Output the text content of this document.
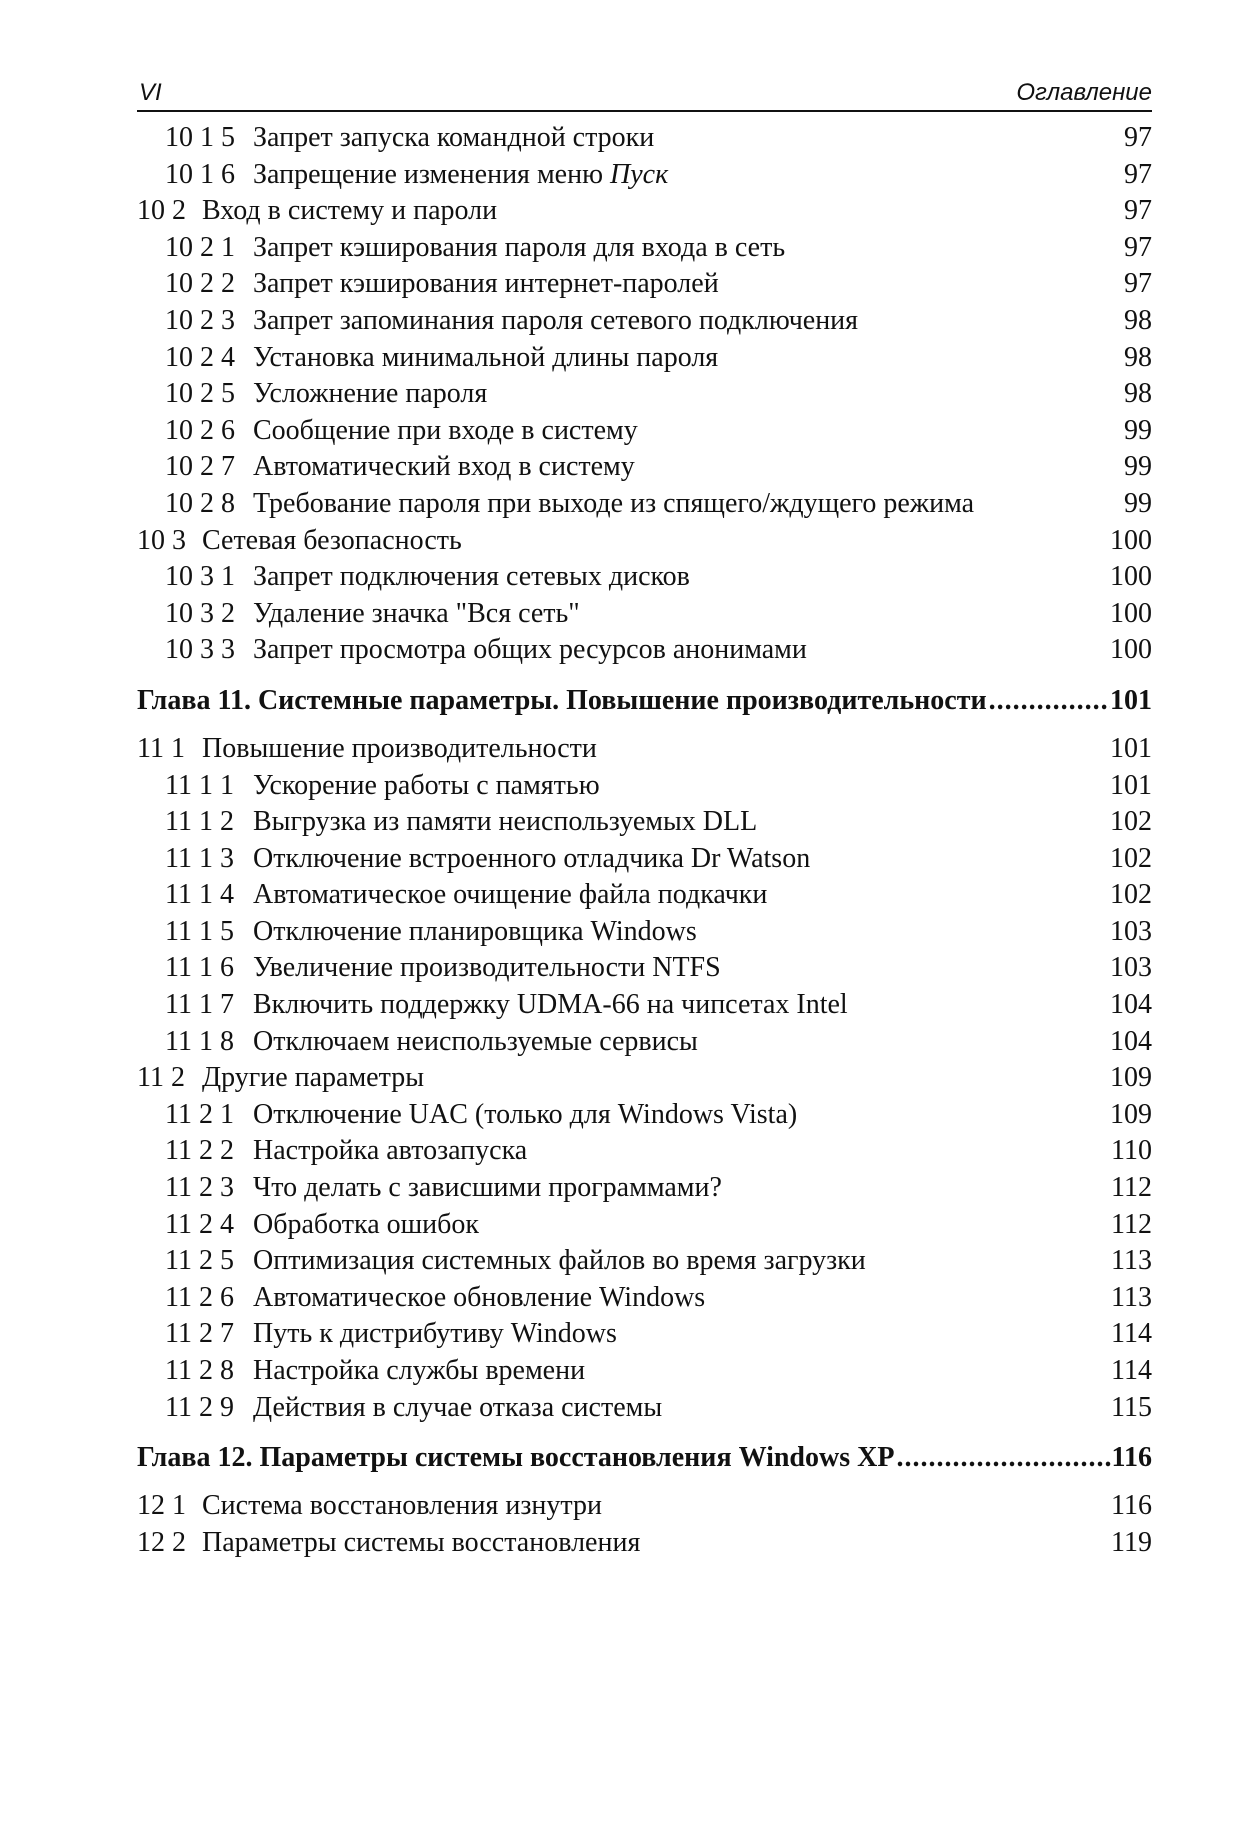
VI	Оглавление
10 1 5 Запрет запуска командной строки	97
10 1 6 Запрещение изменения меню Пуск	97
10 2 Вход в систему и пароли	97
10 2 1 Запрет кэширования пароля для входа в сеть	97
10 2 2 Запрет кэширования интернет-паролей	97
10 2 3 Запрет запоминания пароля сетевого подключения	98
10 2 4 Установка минимальной длины пароля	98
10 2 5 Усложнение пароля	98
10 2 6 Сообщение при входе в систему	99
10 2 7 Автоматический вход в систему	99
10 2 8 Требование пароля при выходе из спящего/ждущего режима	99
10 3 Сетевая безопасность	100
10 3 1 Запрет подключения сетевых дисков	100
10 3 2 Удаление значка "Вся сеть"	100
10 3 3 Запрет просмотра общих ресурсов анонимами	100
Глава 11. Системные параметры. Повышение производительности .....	101
11 1 Повышение производительности	101
11 1 1 Ускорение работы с памятью	101
11 1 2 Выгрузка из памяти неиспользуемых DLL	102
11 1 3 Отключение встроенного отладчика Dr Watson	102
11 1 4 Автоматическое очищение файла подкачки	102
11 1 5 Отключение планировщика Windows	103
11 1 6 Увеличение производительности NTFS	103
11 1 7 Включить поддержку UDMA-66 на чипсетах Intel	104
11 1 8 Отключаем неиспользуемые сервисы	104
11 2 Другие параметры	109
11 2 1 Отключение UAC (только для Windows Vista)	109
11 2 2 Настройка автозапуска	110
11 2 3 Что делать с зависшими программами?	112
11 2 4 Обработка ошибок	112
11 2 5 Оптимизация системных файлов во время загрузки	113
11 2 6 Автоматическое обновление Windows	113
11 2 7 Путь к дистрибутиву Windows	114
11 2 8 Настройка службы времени	114
11 2 9 Действия в случае отказа системы	115
Глава 12. Параметры системы восстановления Windows XP .....	116
12 1 Система восстановления изнутри	116
12 2 Параметры системы восстановления	119
